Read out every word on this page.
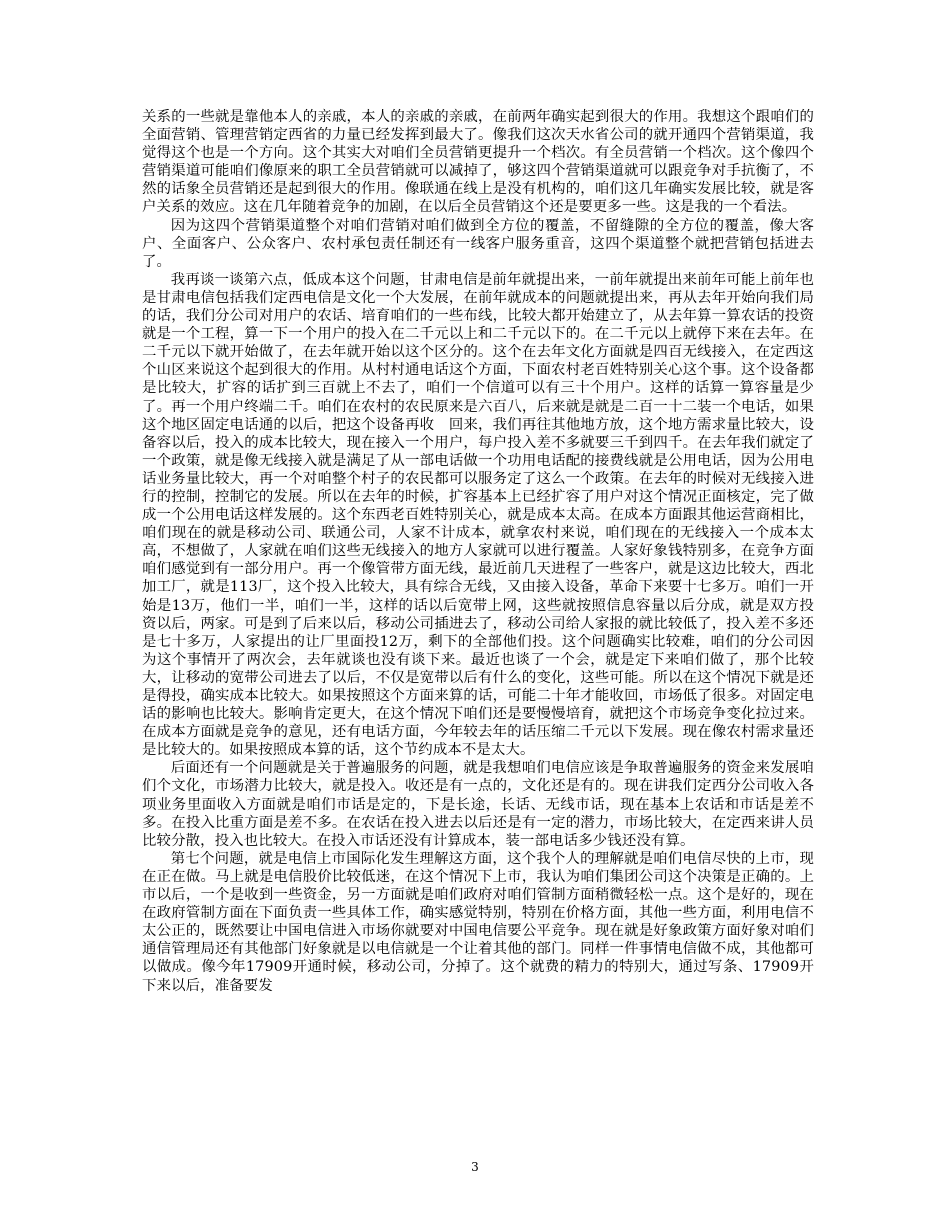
关系的一些就是靠他本人的亲戚，本人的亲戚的亲戚，在前两年确实起到很大的作用。我想这个跟咱们的全面营销、管理营销定西省的力量已经发挥到最大了。像我们这次天水省公司的就开通四个营销渠道，我觉得这个也是一个方向。这个其实大对咱们全员营销更提升一个档次。有全员营销一个档次。这个像四个营销渠道可能咱们像原来的职工全员营销就可以减掉了，够这四个营销渠道就可以跟竞争对手抗衡了，不然的话象全员营销还是起到很大的作用。像联通在线上是没有机构的，咱们这几年确实发展比较，就是客户关系的效应。这在几年随着竞争的加剧，在以后全员营销这个还是要更多一些。这是我的一个看法。

因为这四个营销渠道整个对咱们营销对咱们做到全方位的覆盖，不留缝隙的全方位的覆盖，像大客户、全面客户、公众客户、农村承包责任制还有一线客户服务重音，这四个渠道整个就把营销包括进去了。

我再谈一谈第六点，低成本这个问题，甘肃电信是前年就提出来，一前年就提出来前年可能上前年也是甘肃电信包括我们定西电信是文化一个大发展，在前年就成本的问题就提出来，再从去年开始向我们局的话，我们分公司对用户的农话、培育咱们的一些布线，比较大都开始建立了，从去年算一算农话的投资就是一个工程，算一下一个用户的投入在二千元以上和二千元以下的。在二千元以上就停下来在去年。在二千元以下就开始做了，在去年就开始以这个区分的。这个在去年文化方面就是四百无线接入，在定西这个山区来说这个起到很大的作用。从村村通电话这个方面，下面农村老百姓特别关心这个事。这个设备都是比较大，扩容的话扩到三百就上不去了，咱们一个信道可以有三十个用户。这样的话算一算容量是少了。再一个用户终端二千。咱们在农村的农民原来是六百八，后来就是就是二百一十二装一个电话，如果这个地区固定电话通的以后，把这个设备再收　回来，我们再往其他地方放，这个地方需求量比较大，设备容以后，投入的成本比较大，现在接入一个用户，每户投入差不多就要三千到四千。在去年我们就定了一个政策，就是像无线接入就是满足了从一部电话做一个功用电话配的接费线就是公用电话，因为公用电话业务量比较大，再一个对咱整个村子的农民都可以服务定了这么一个政策。在去年的时候对无线接入进行的控制，控制它的发展。所以在去年的时候，扩容基本上已经扩容了用户对这个情况正面核定，完了做成一个公用电话这样发展的。这个东西老百姓特别关心，就是成本太高。在成本方面跟其他运营商相比，咱们现在的就是移动公司、联通公司，人家不计成本，就拿农村来说，咱们现在的无线接入一个成本太高，不想做了，人家就在咱们这些无线接入的地方人家就可以进行覆盖。人家好象钱特别多，在竞争方面咱们感觉到有一部分用户。再一个像管带方面无线，最近前几天进程了一些客户，就是这边比较大，西北加工厂，就是113厂，这个投入比较大，具有综合无线，又由接入设备，革命下来要十七多万。咱们一开始是13万，他们一半，咱们一半，这样的话以后宽带上网，这些就按照信息容量以后分成，就是双方投资以后，两家。可是到了后来以后，移动公司插进去了，移动公司给人家报的就比较低了，投入差不多还是七十多万，人家提出的让厂里面投12万，剩下的全部他们投。这个问题确实比较难，咱们的分公司因为这个事情开了两次会，去年就谈也没有谈下来。最近也谈了一个会，就是定下来咱们做了，那个比较大，让移动的宽带公司进去了以后，不仅是宽带以后有什么的变化，这些可能。所以在这个情况下就是还是得投，确实成本比较大。如果按照这个方面来算的话，可能二十年才能收回，市场低了很多。对固定电话的影响也比较大。影响肯定更大，在这个情况下咱们还是要慢慢培育，就把这个市场竞争变化拉过来。在成本方面就是竞争的意见，还有电话方面，今年较去年的话压缩二千元以下发展。现在像农村需求量还是比较大的。如果按照成本算的话，这个节约成本不是太大。

后面还有一个问题就是关于普遍服务的问题，就是我想咱们电信应该是争取普遍服务的资金来发展咱们个文化，市场潜力比较大，就是投入。收还是有一点的，文化还是有的。现在讲我们定西分公司收入各项业务里面收入方面就是咱们市话是定的，下是长途，长话、无线市话，现在基本上农话和市话是差不多。在投入比重方面是差不多。在农话在投入进去以后还是有一定的潜力，市场比较大，在定西来讲人员比较分散，投入也比较大。在投入市话还没有计算成本，装一部电话多少钱还没有算。

第七个问题，就是电信上市国际化发生理解这方面，这个我个人的理解就是咱们电信尽快的上市，现在正在做。马上就是电信股价比较低迷，在这个情况下上市，我认为咱们集团公司这个决策是正确的。上市以后，一个是收到一些资金，另一方面就是咱们政府对咱们管制方面稍微轻松一点。这个是好的，现在在政府管制方面在下面负责一些具体工作，确实感觉特别，特别在价格方面，其他一些方面，利用电信不太公正的，既然要让中国电信进入市场你就要对中国电信要公平竞争。现在就是好象政策方面好象对咱们通信管理局还有其他部门好象就是以电信就是一个让着其他的部门。同样一件事情电信做不成，其他都可以做成。像今年17909开通时候，移动公司，分掉了。这个就费的精力的特别大，通过写条、17909开下来以后，准备要发

3
